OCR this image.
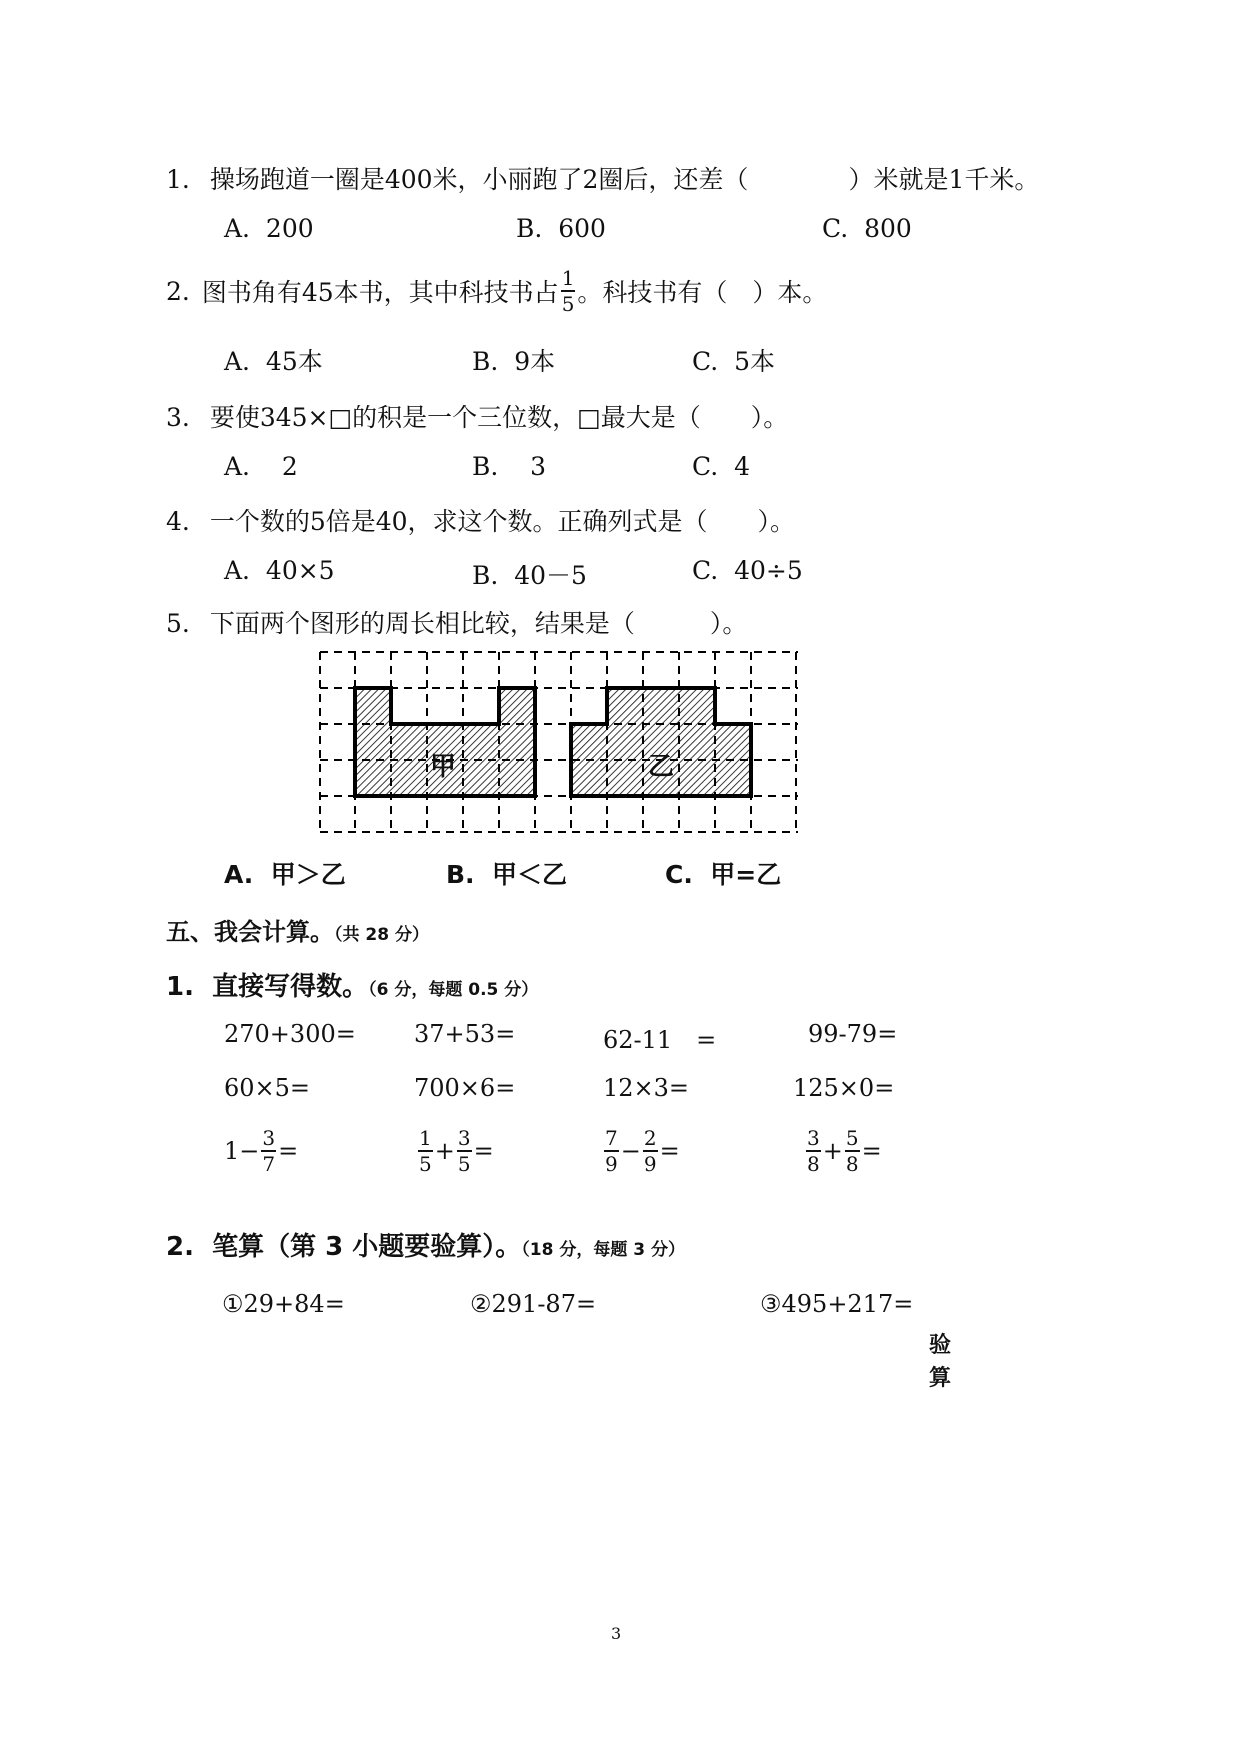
1. 操场跑道一圈是400米，小丽跑了2圈后，还差（　　　　）米就是1千米。
A. 200	B. 600	C. 800
2. 图书角有45本书，其中科技书占 $\frac{1}{5}$ 。科技书有（　）本。
A. 45本	B. 9本	C. 5本
3. 要使345×□的积是一个三位数，□最大是（　　）。
A. 2	B. 3	C. 4
4. 一个数的5倍是40，求这个数。正确列式是（　　）。
A. 40×5	B. 40－5	C. 40÷5
5. 下面两个图形的周长相比较，结果是（　　　）。
甲	乙
A. 甲＞乙	B. 甲＜乙	C. 甲=乙
五、我会计算。（共 28 分）
1. 直接写得数。（6 分，每题 0.5 分）
270+300= 37+53=	62-11　=	99-79=
60×5=	700×6=	12×3=	125×0=
$1- \frac{3}{7}$ =	$\frac{1}{5} + \frac{3}{5}$ =	$\frac{7}{9} - \frac{2}{9}$ =	$\frac{3}{8} + \frac{5}{8}$ =
2. 笔算（第 3 小题要验算）。（18 分，每题 3 分）
①29+84=	②291-87=	③495+217=
验
算
3
